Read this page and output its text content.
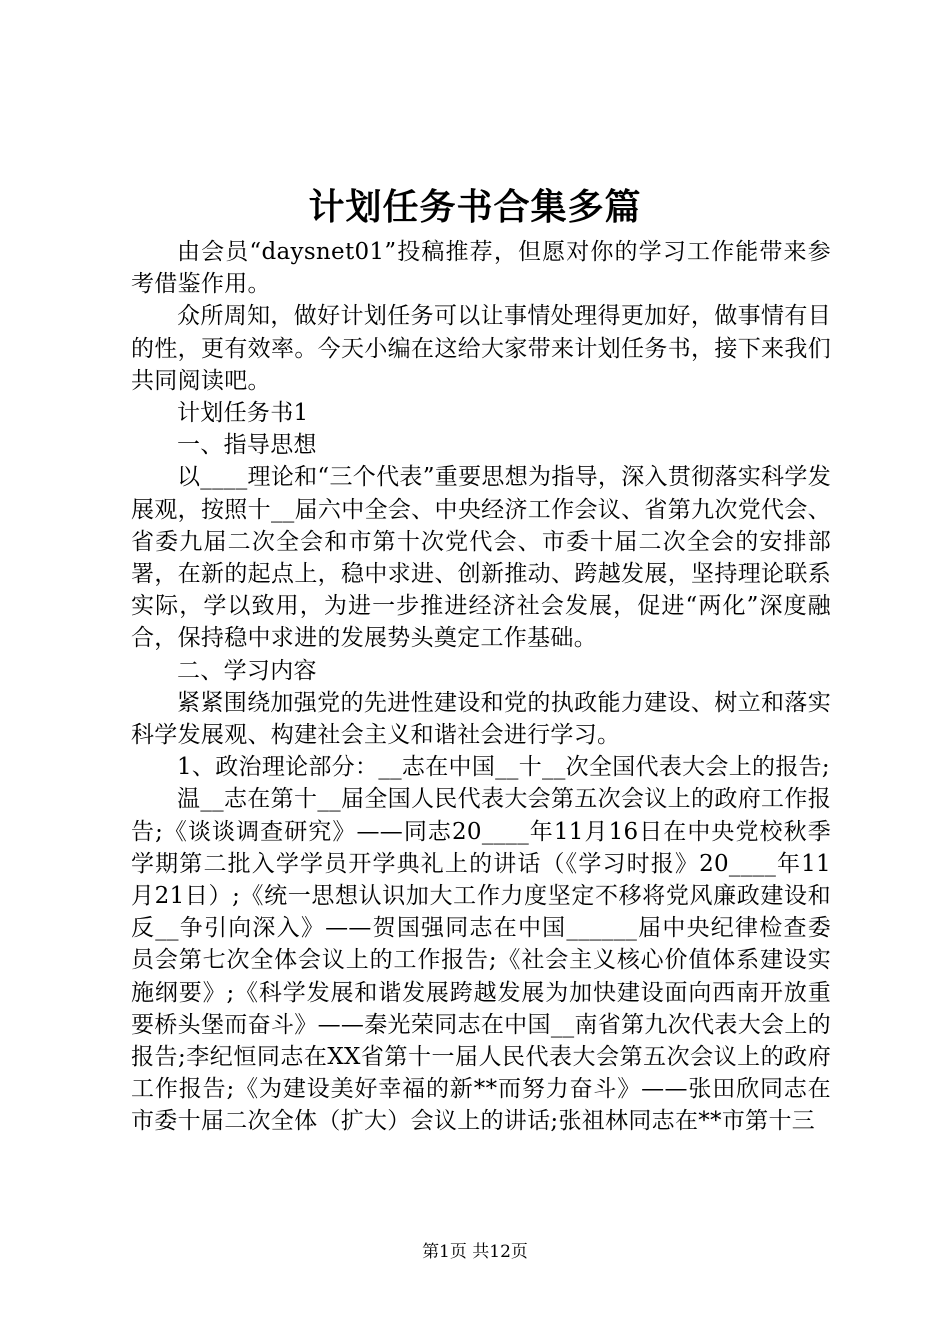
计划任务书合集多篇

由会员“daysnet01”投稿推荐，但愿对你的学习工作能带来参考借鉴作用。

众所周知，做好计划任务可以让事情处理得更加好，做事情有目的性，更有效率。今天小编在这给大家带来计划任务书，接下来我们共同阅读吧。

计划任务书1

一、指导思想

以____理论和“三个代表”重要思想为指导，深入贯彻落实科学发展观，按照十__届六中全会、中央经济工作会议、省第九次党代会、省委九届二次全会和市第十次党代会、市委十届二次全会的安排部署，在新的起点上，稳中求进、创新推动、跨越发展，坚持理论联系实际，学以致用，为进一步推进经济社会发展，促进“两化”深度融合，保持稳中求进的发展势头奠定工作基础。

二、学习内容

紧紧围绕加强党的先进性建设和党的执政能力建设、树立和落实科学发展观、构建社会主义和谐社会进行学习。

1、政治理论部分：__志在中国__十__次全国代表大会上的报告;

温__志在第十__届全国人民代表大会第五次会议上的政府工作报告;《谈谈调查研究》——同志20____年11月16日在中央党校秋季学期第二批入学学员开学典礼上的讲话（《学习时报》20____年11月21日）;《统一思想认识加大工作力度坚定不移将党风廉政建设和反__争引向深入》——贺国强同志在中国______届中央纪律检查委员会第七次全体会议上的工作报告;《社会主义核心价值体系建设实施纲要》;《科学发展和谐发展跨越发展为加快建设面向西南开放重要桥头堡而奋斗》——秦光荣同志在中国__南省第九次代表大会上的报告;李纪恒同志在XX省第十一届人民代表大会第五次会议上的政府工作报告;《为建设美好幸福的新**而努力奋斗》——张田欣同志在市委十届二次全体（扩大）会议上的讲话;张祖林同志在**市第十三

第1页 共12页
